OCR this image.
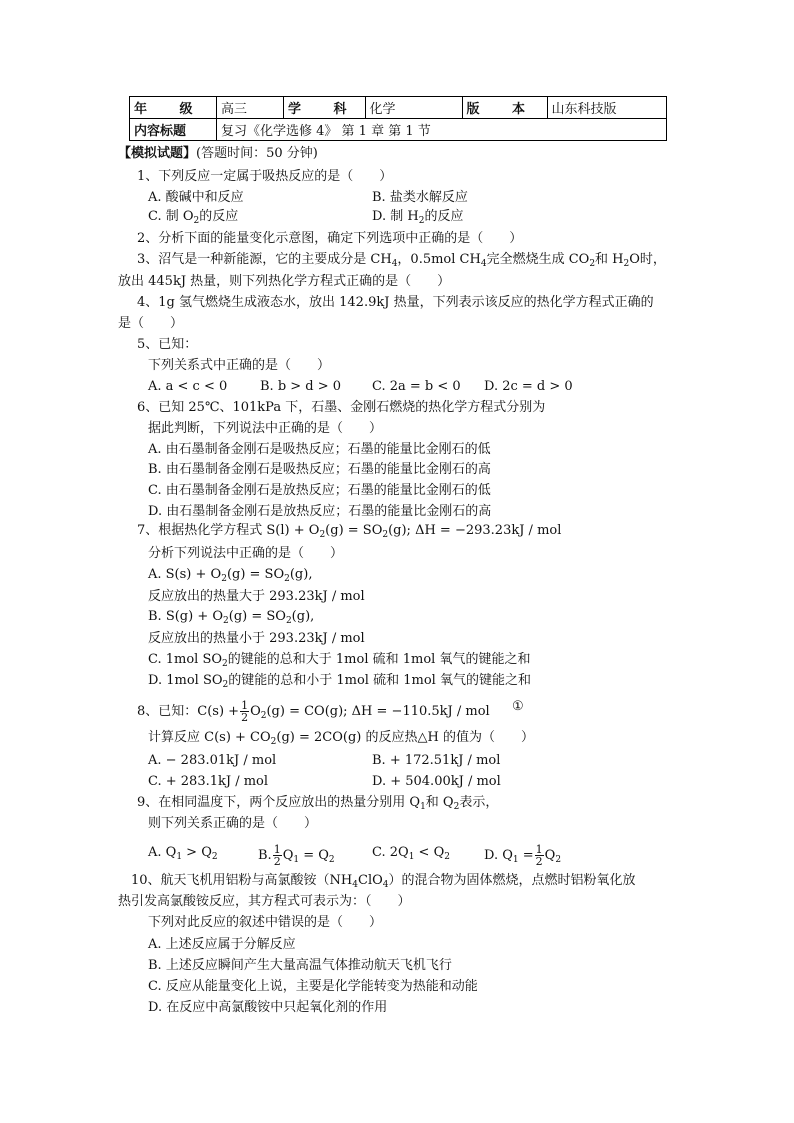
年 级	高三	学 科	化学	版 本	山东科技版
内容标题	复习《化学选修 4》 第 1 章 第 1 节				
【模拟试题】(答题时间：50 分钟)
1、下列反应一定属于吸热反应的是（　　）
A. 酸碱中和反应	B. 盐类水解反应
C. 制 $O_2$的反应	D. 制 $H_2$的反应
2、分析下面的能量变化示意图，确定下列选项中正确的是（　　）
3、沼气是一种新能源，它的主要成分是 $CH_4$，0.5mol $CH_4$完全燃烧生成 $CO_2$和 $H_2O$时，
放出 445kJ 热量，则下列热化学方程式正确的是（　　）
4、1g 氢气燃烧生成液态水，放出 142.9kJ 热量，下列表示该反应的热化学方程式正确的
是（　　）
5、已知：
下列关系式中正确的是（　　）
A. a < c < 0	B. b > d > 0 C. 2a = b < 0 D. 2c = d > 0
6、已知 25℃、101kPa 下，石墨、金刚石燃烧的热化学方程式分别为
据此判断，下列说法中正确的是（　　）
A. 由石墨制备金刚石是吸热反应；石墨的能量比金刚石的低
B. 由石墨制备金刚石是吸热反应；石墨的能量比金刚石的高
C. 由石墨制备金刚石是放热反应；石墨的能量比金刚石的低
D. 由石墨制备金刚石是放热反应；石墨的能量比金刚石的高
7、根据热化学方程式 $S(l) + O_2(g) = SO_2(g)$; ΔH = −293.23kJ / mol
分析下列说法中正确的是（　　）
A. $S(s) + O_2(g) = SO_2(g)$,
反应放出的热量大于 293.23kJ / mol
B. $S(g) + O_2(g) = SO_2(g)$,
反应放出的热量小于 293.23kJ / mol
C. 1mol $SO_2$的键能的总和大于 1mol 硫和 1mol 氧气的键能之和
D. 1mol $SO_2$的键能的总和小于 1mol 硫和 1mol 氧气的键能之和
8、已知：$C(s) + \frac{1}{2} O_2(g) = CO(g)$; ΔH = −110.5kJ / mol ①
计算反应 $C(s) + CO_2(g) = 2CO(g)$ 的反应热△H 的值为（　　）
A. − 283.01kJ / mol	B. + 172.51kJ / mol
C. + 283.1kJ / mol	D. + 504.00kJ / mol
9、在相同温度下，两个反应放出的热量分别用 $Q_1$和 $Q_2$表示，
则下列关系正确的是（　　）
A. $Q_1 > Q_2$	B. $\frac{1}{2} Q_1 = Q_2$	C. $2Q_1 < Q_2$	D. $Q_1 = \frac{1}{2} Q_2$
10、航天飞机用铝粉与高氯酸铵$(NH_4ClO_4)$的混合物为固体燃烧，点燃时铝粉氧化放
热引发高氯酸铵反应，其方程式可表示为：（　　）
下列对此反应的叙述中错误的是（　　）
A. 上述反应属于分解反应
B. 上述反应瞬间产生大量高温气体推动航天飞机飞行
C. 反应从能量变化上说，主要是化学能转变为热能和动能
D. 在反应中高氯酸铵中只起氧化剂的作用
